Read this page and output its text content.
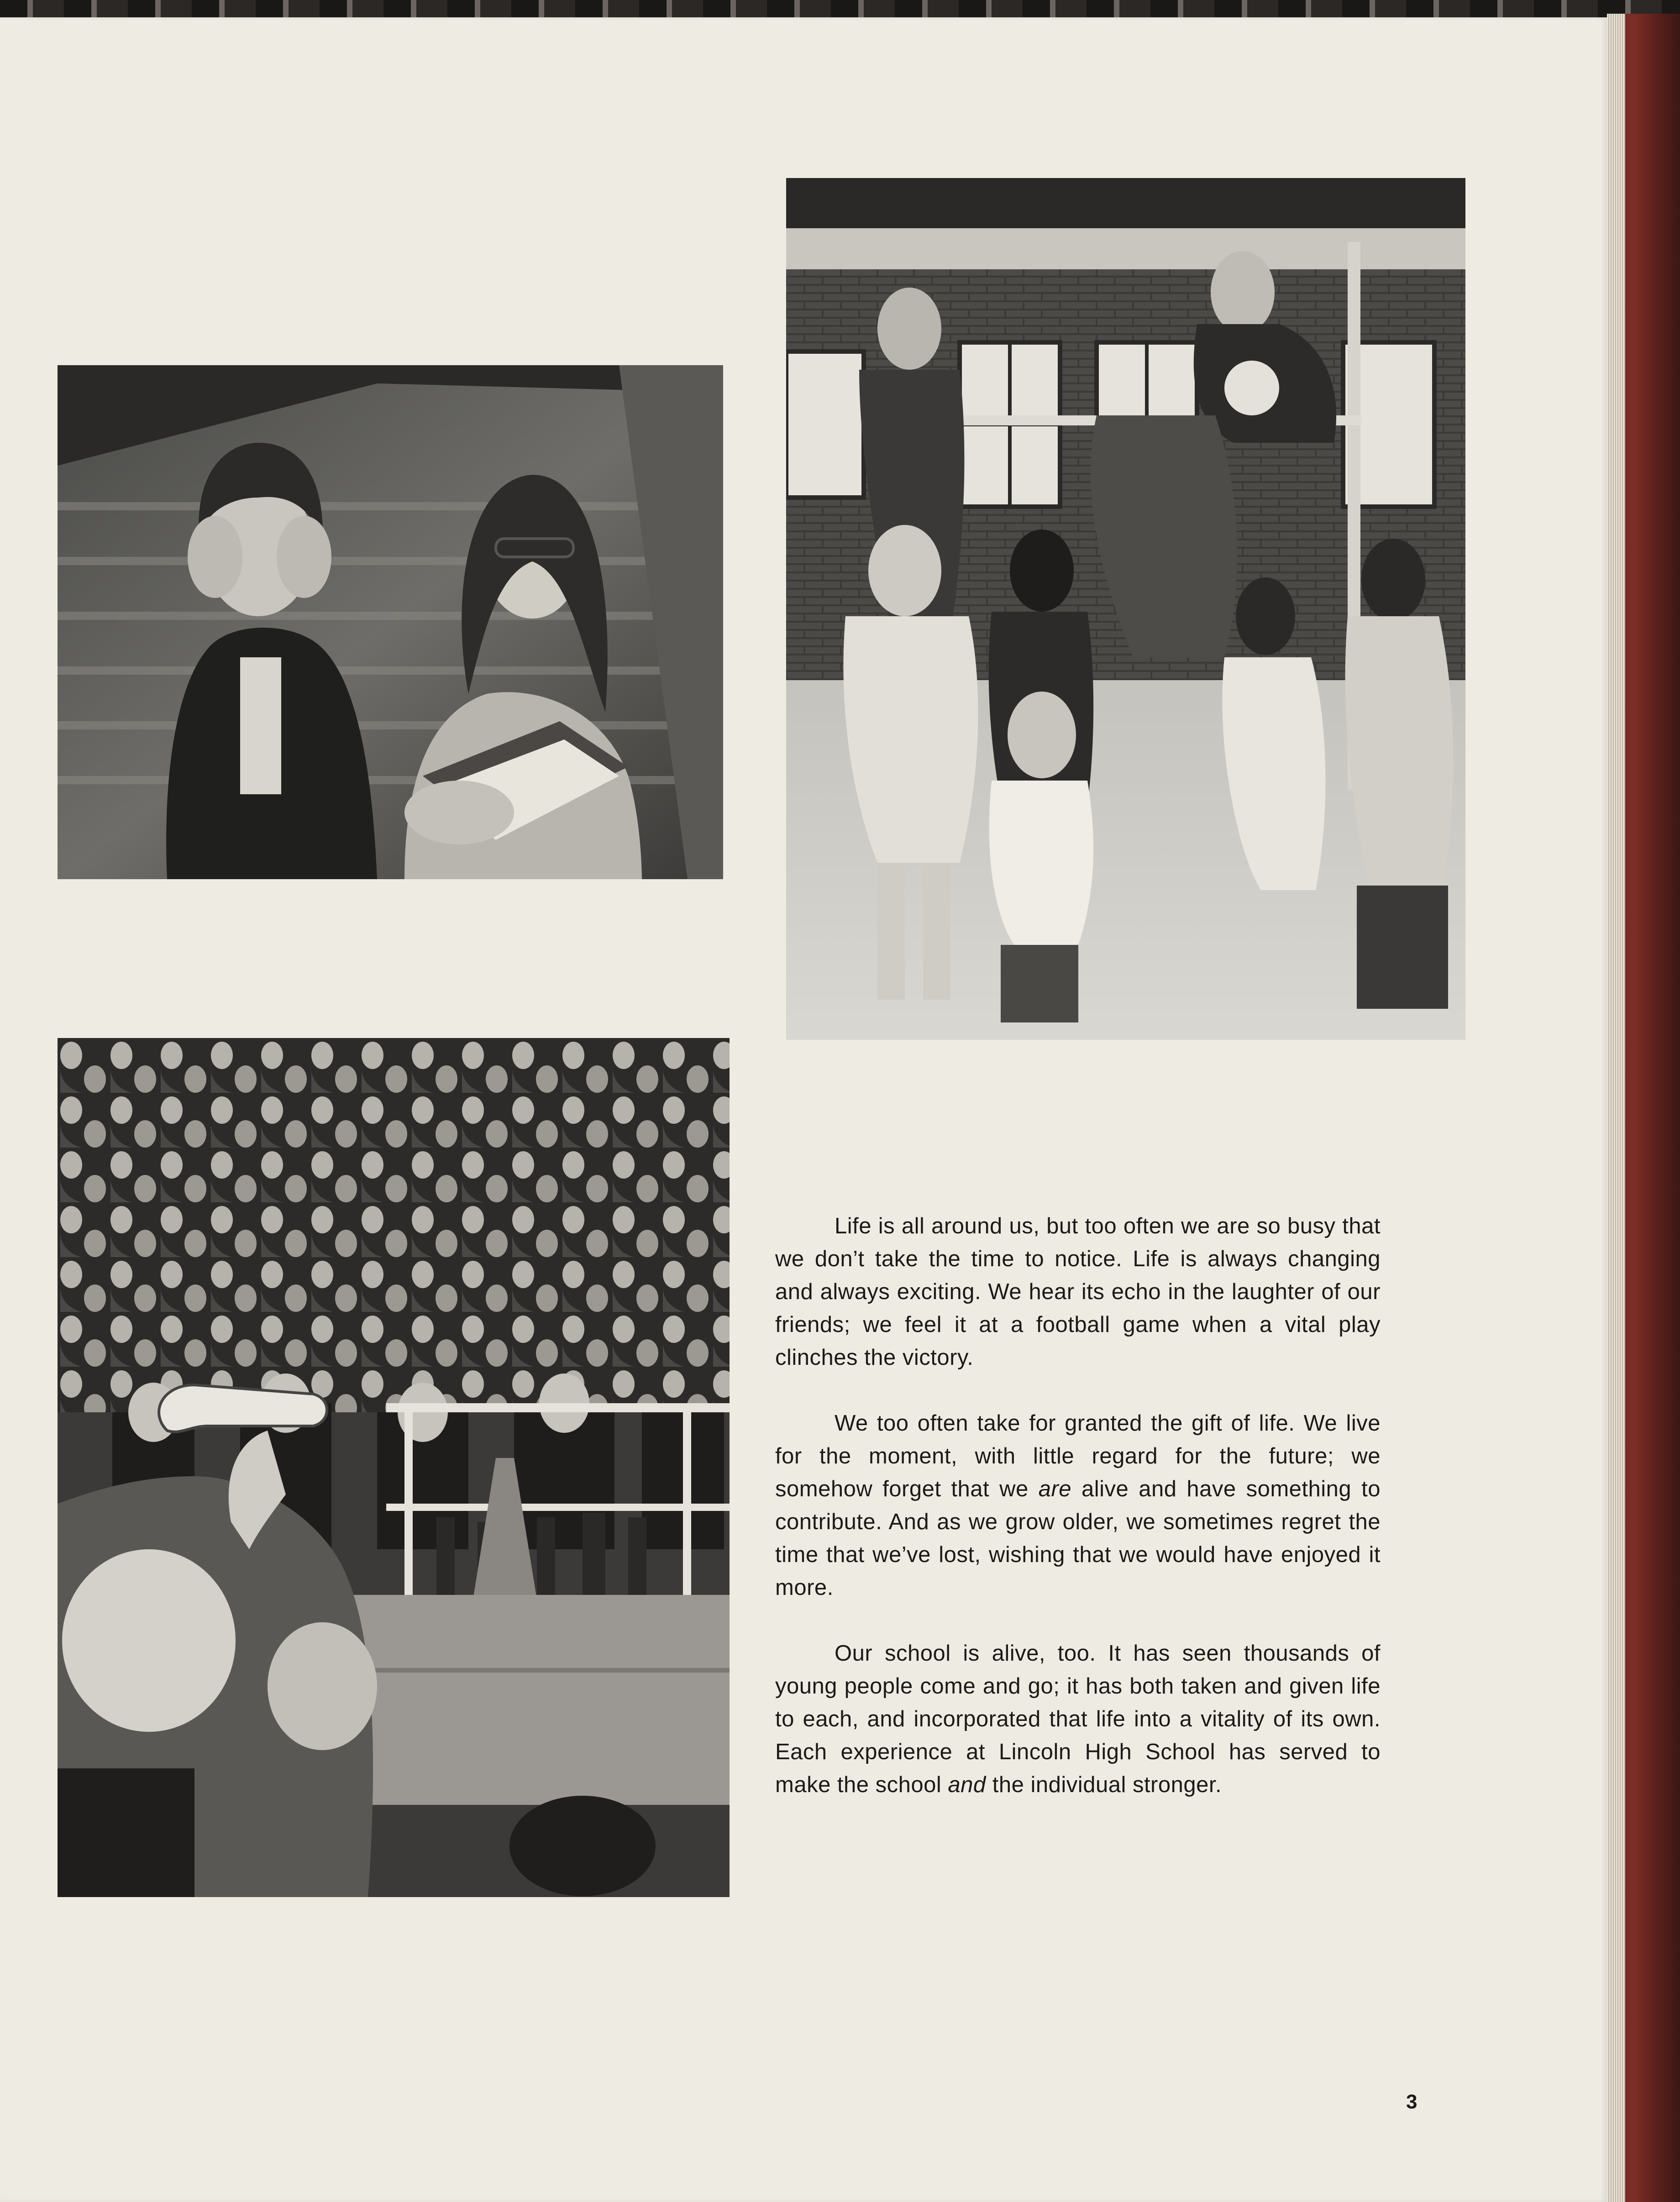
Life is all around us, but too often we are so busy that we don’t take the time to notice. Life is always changing and always exciting. We hear its echo in the laughter of our friends; we feel it at a football game when a vital play clinches the victory.

We too often take for granted the gift of life. We live for the moment, with little regard for the future; we somehow forget that we are alive and have something to contribute. And as we grow older, we sometimes regret the time that we’ve lost, wishing that we would have enjoyed it more.

Our school is alive, too. It has seen thousands of young people come and go; it has both taken and given life to each, and incorporated that life into a vitality of its own. Each experience at Lincoln High School has served to make the school and the individual stronger.

3
